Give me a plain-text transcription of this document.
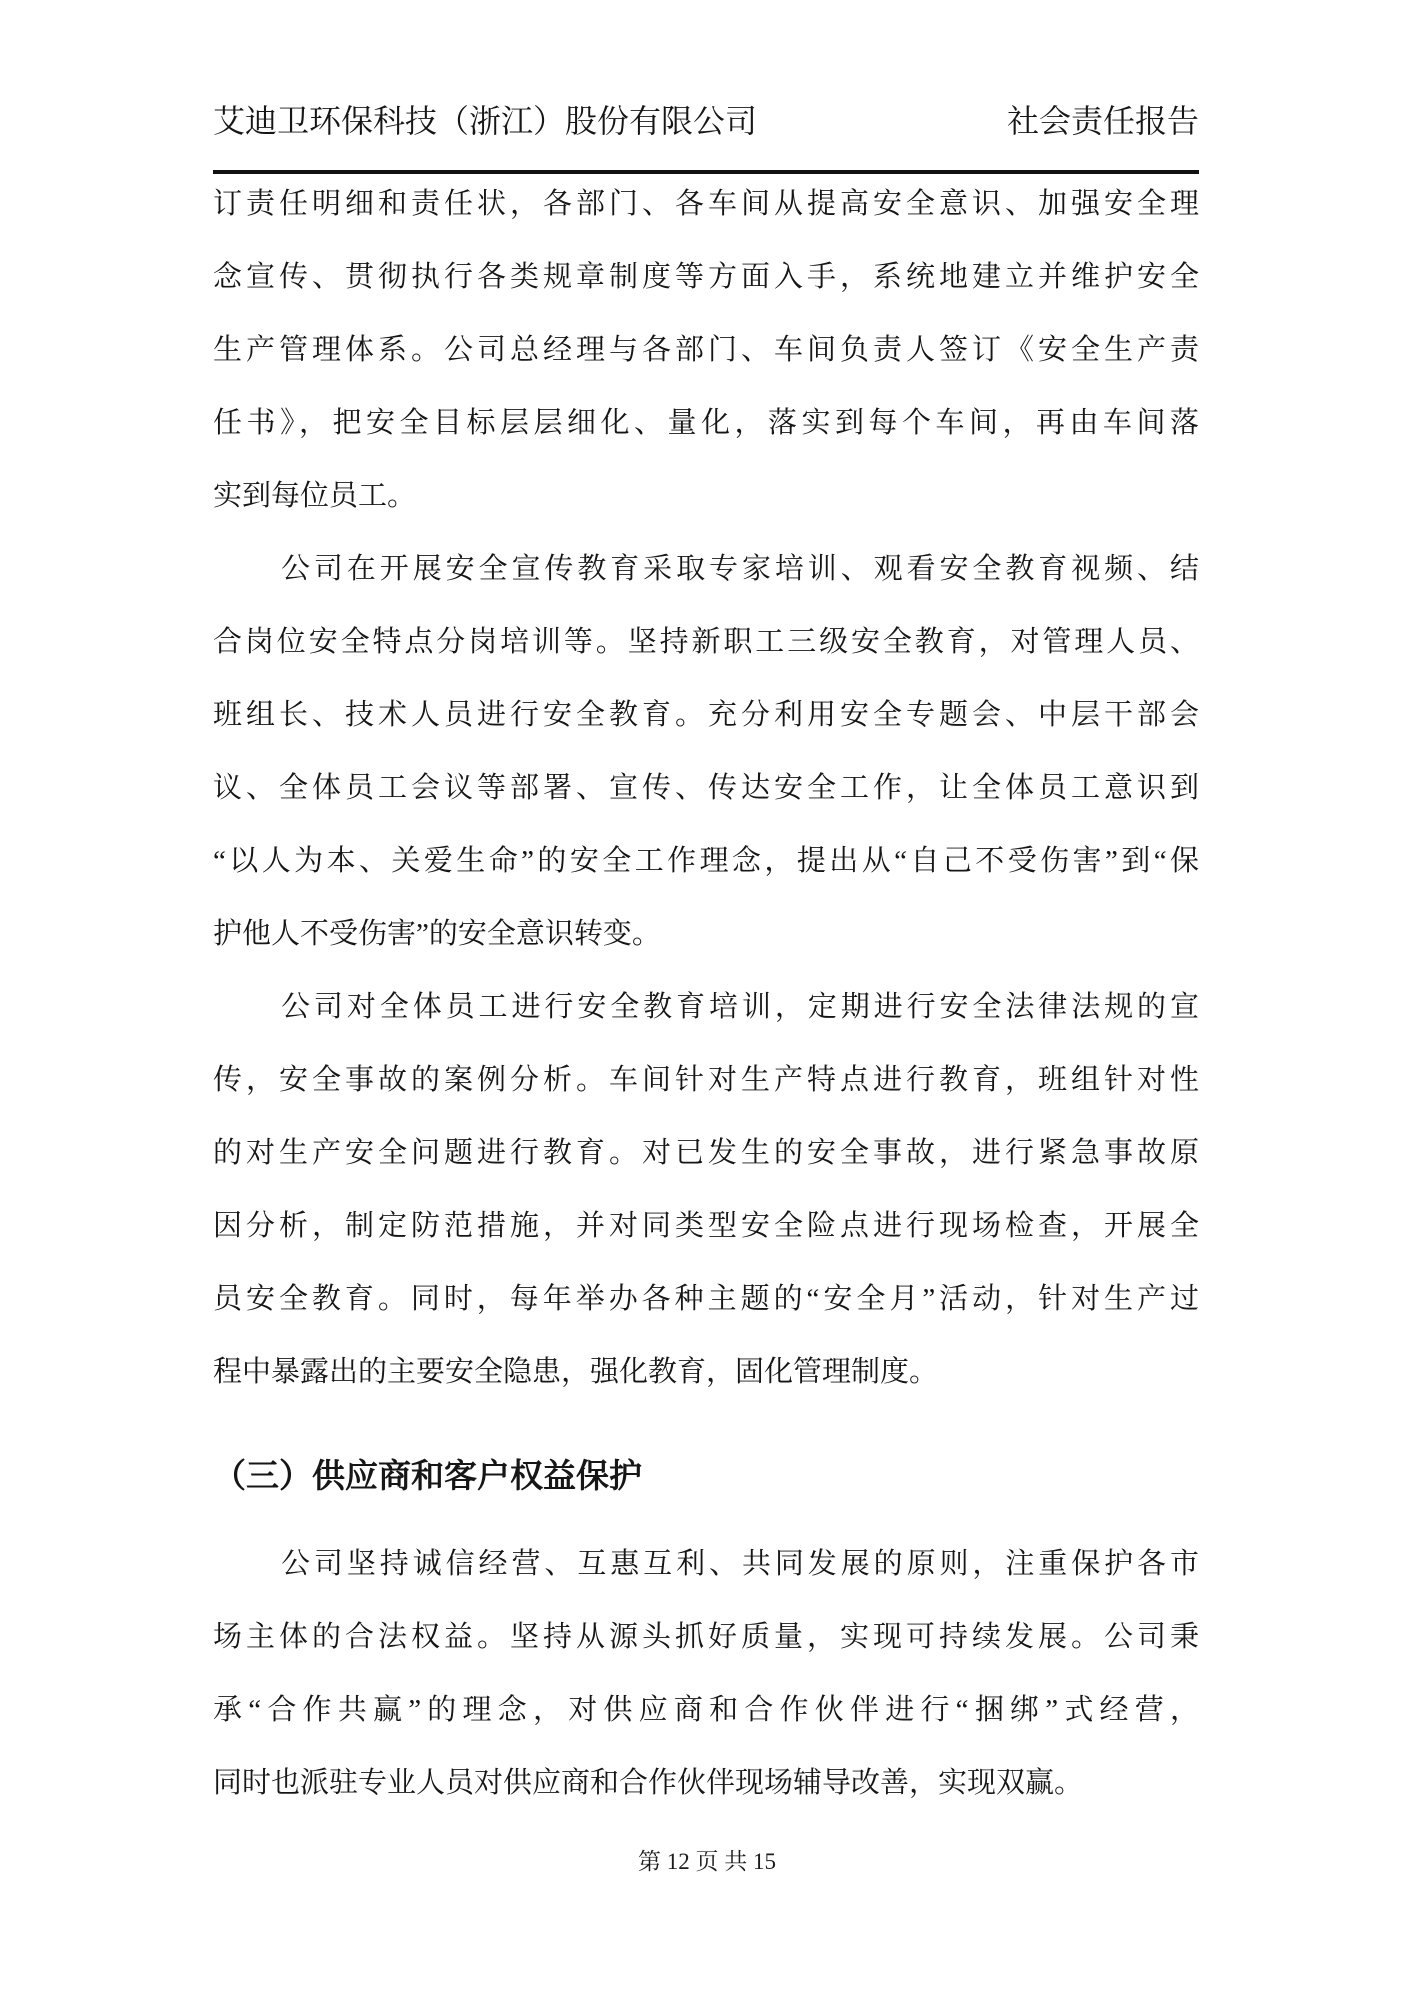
艾迪卫环保科技（浙江）股份有限公司	社会责任报告
订责任明细和责任状，各部门、各车间从提高安全意识、加强安全理
念宣传、贯彻执行各类规章制度等方面入手，系统地建立并维护安全
生产管理体系。公司总经理与各部门、车间负责人签订《安全生产责
任书》，把安全目标层层细化、量化，落实到每个车间，再由车间落
实到每位员工。
公司在开展安全宣传教育采取专家培训、观看安全教育视频、结
合岗位安全特点分岗培训等。坚持新职工三级安全教育，对管理人员、
班组长、技术人员进行安全教育。充分利用安全专题会、中层干部会
议、全体员工会议等部署、宣传、传达安全工作，让全体员工意识到
“以人为本、关爱生命”的安全工作理念，提出从“自己不受伤害”到“保
护他人不受伤害”的安全意识转变。
公司对全体员工进行安全教育培训，定期进行安全法律法规的宣
传，安全事故的案例分析。车间针对生产特点进行教育，班组针对性
的对生产安全问题进行教育。对已发生的安全事故，进行紧急事故原
因分析，制定防范措施，并对同类型安全险点进行现场检查，开展全
员安全教育。同时，每年举办各种主题的“安全月”活动，针对生产过
程中暴露出的主要安全隐患，强化教育，固化管理制度。
（三）供应商和客户权益保护
公司坚持诚信经营、互惠互利、共同发展的原则，注重保护各市
场主体的合法权益。坚持从源头抓好质量，实现可持续发展。公司秉
承“合作共赢”的理念，对供应商和合作伙伴进行“捆绑”式经营，
同时也派驻专业人员对供应商和合作伙伴现场辅导改善，实现双赢。
第 12 页 共 15
